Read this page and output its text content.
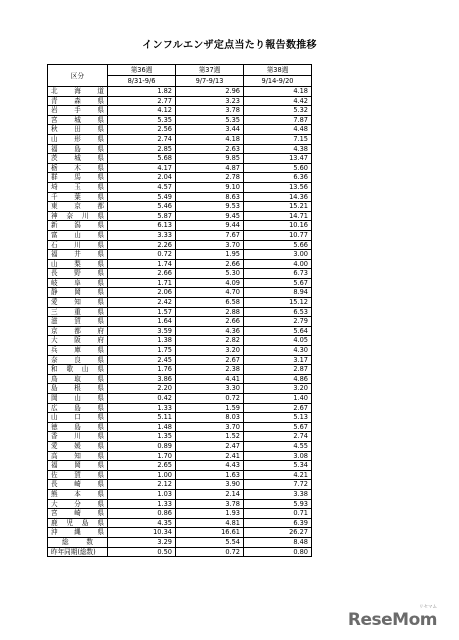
インフルエンザ定点当たり報告数推移
区分	第36週	第37週	第38週
	8/31-9/6	9/7-9/13	9/14-9/20
北海道	1.82	2.96	4.18
青森県	2.77	3.23	4.42
岩手県	4.12	3.78	5.32
宮城県	5.35	5.35	7.87
秋田県	2.56	3.44	4.48
山形県	2.74	4.18	7.15
福島県	2.85	2.63	4.38
茨城県	5.68	9.85	13.47
栃木県	4.17	4.87	5.60
群馬県	2.04	2.78	6.36
埼玉県	4.57	9.10	13.56
千葉県	5.49	8.63	14.36
東京都	5.46	9.53	15.21
神奈川県	5.87	9.45	14.71
新潟県	6.13	9.44	10.16
富山県	3.33	7.67	10.77
石川県	2.26	3.70	5.66
福井県	0.72	1.95	3.00
山梨県	1.74	2.66	4.00
長野県	2.66	5.30	6.73
岐阜県	1.71	4.09	5.67
静岡県	2.06	4.70	8.94
愛知県	2.42	6.58	15.12
三重県	1.57	2.88	6.53
滋賀県	1.64	2.66	2.79
京都府	3.59	4.36	5.64
大阪府	1.38	2.82	4.05
兵庫県	1.75	3.20	4.30
奈良県	2.45	2.67	3.17
和歌山県	1.76	2.38	2.87
鳥取県	3.86	4.41	4.86
島根県	2.20	3.30	3.20
岡山県	0.42	0.72	1.40
広島県	1.33	1.59	2.67
山口県	5.11	8.03	5.13
徳島県	1.48	3.70	5.67
香川県	1.35	1.52	2.74
愛媛県	0.89	2.47	4.55
高知県	1.70	2.41	3.08
福岡県	2.65	4.43	5.34
佐賀県	1.00	1.63	4.21
長崎県	2.12	3.90	7.72
熊本県	1.03	2.14	3.38
大分県	1.33	3.78	5.93
宮崎県	0.86	1.93	0.71
鹿児島県	4.35	4.81	6.39
沖縄県	10.34	16.61	26.27
総数	3.29	5.54	8.48
昨年同期(総数)	0.50	0.72	0.80
リセマム
ReseMom
